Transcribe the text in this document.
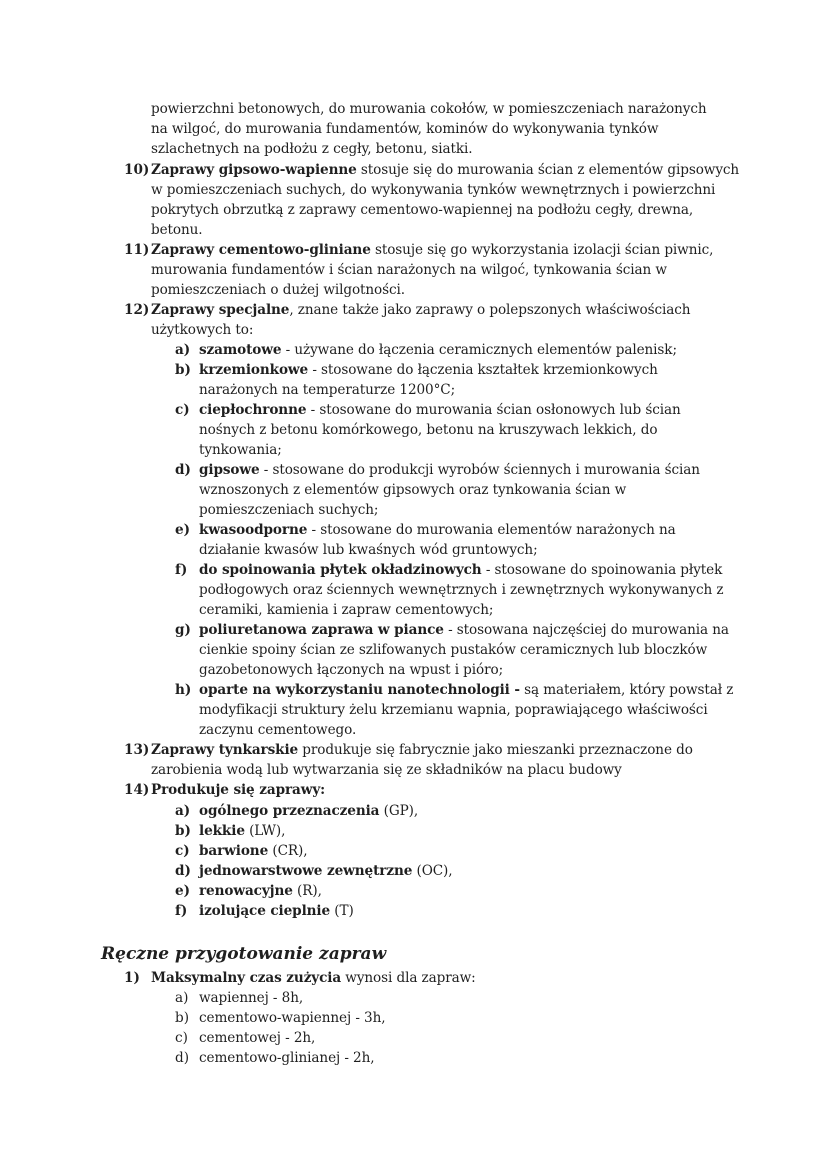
powierzchni betonowych, do murowania cokołów, w pomieszczeniach narażonych
na wilgoć, do murowania fundamentów, kominów do wykonywania tynków
szlachetnych na podłożu z cegły, betonu, siatki.
10) Zaprawy gipsowo-wapienne stosuje się do murowania ścian z elementów gipsowych
w pomieszczeniach suchych, do wykonywania tynków wewnętrznych i powierzchni
pokrytych obrzutką z zaprawy cementowo-wapiennej na podłożu cegły, drewna,
betonu.
11) Zaprawy cementowo-gliniane stosuje się go wykorzystania izolacji ścian piwnic,
murowania fundamentów i ścian narażonych na wilgoć, tynkowania ścian w
pomieszczeniach o dużej wilgotności.
12) Zaprawy specjalne, znane także jako zaprawy o polepszonych właściwościach
użytkowych to:
a) szamotowe - używane do łączenia ceramicznych elementów palenisk;
b) krzemionkowe - stosowane do łączenia kształtek krzemionkowych
narażonych na temperaturze 1200°C;
c) ciepłochronne - stosowane do murowania ścian osłonowych lub ścian
nośnych z betonu komórkowego, betonu na kruszywach lekkich, do
tynkowania;
d) gipsowe - stosowane do produkcji wyrobów ściennych i murowania ścian
wznoszonych z elementów gipsowych oraz tynkowania ścian w
pomieszczeniach suchych;
e) kwasoodporne - stosowane do murowania elementów narażonych na
działanie kwasów lub kwaśnych wód gruntowych;
f) do spoinowania płytek okładzinowych - stosowane do spoinowania płytek
podłogowych oraz ściennych wewnętrznych i zewnętrznych wykonywanych z
ceramiki, kamienia i zapraw cementowych;
g) poliuretanowa zaprawa w piance - stosowana najczęściej do murowania na
cienkie spoiny ścian ze szlifowanych pustaków ceramicznych lub bloczków
gazobetonowych łączonych na wpust i pióro;
h) oparte na wykorzystaniu nanotechnologii - są materiałem, który powstał z
modyfikacji struktury żelu krzemianu wapnia, poprawiającego właściwości
zaczynu cementowego.
13) Zaprawy tynkarskie produkuje się fabrycznie jako mieszanki przeznaczone do
zarobienia wodą lub wytwarzania się ze składników na placu budowy
14) Produkuje się zaprawy:
a) ogólnego przeznaczenia (GP),
b) lekkie (LW),
c) barwione (CR),
d) jednowarstwowe zewnętrzne (OC),
e) renowacyjne (R),
f) izolujące cieplnie (T)
Ręczne przygotowanie zapraw
1) Maksymalny czas zużycia wynosi dla zapraw:
a) wapiennej - 8h,
b) cementowo-wapiennej - 3h,
c) cementowej - 2h,
d) cementowo-glinianej - 2h,
